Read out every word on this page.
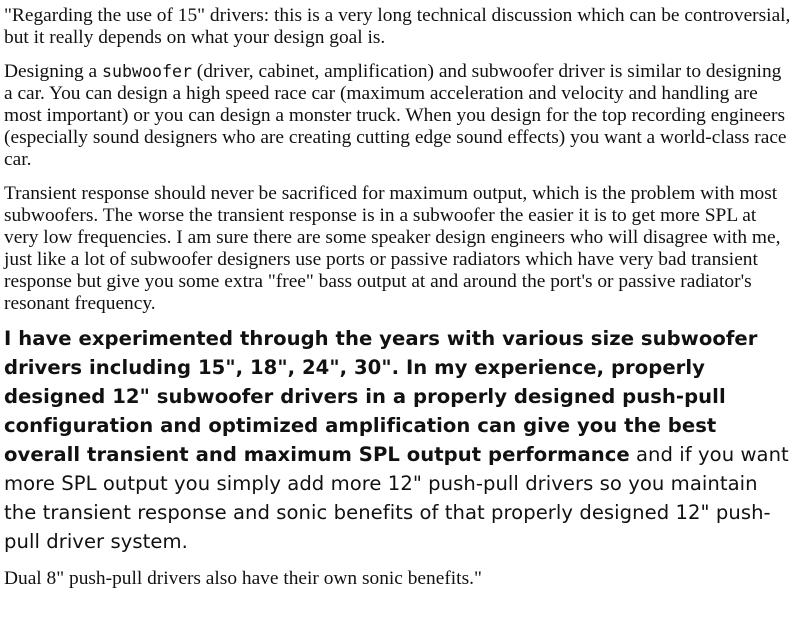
"Regarding the use of 15" drivers: this is a very long technical discussion which can be controversial, but it really depends on what your design goal is.

Designing a subwoofer (driver, cabinet, amplification) and subwoofer driver is similar to designing a car. You can design a high speed race car (maximum acceleration and velocity and handling are most important) or you can design a monster truck. When you design for the top recording engineers (especially sound designers who are creating cutting edge sound effects) you want a world-class race car.

Transient response should never be sacrificed for maximum output, which is the problem with most subwoofers. The worse the transient response is in a subwoofer the easier it is to get more SPL at very low frequencies. I am sure there are some speaker design engineers who will disagree with me, just like a lot of subwoofer designers use ports or passive radiators which have very bad transient response but give you some extra "free" bass output at and around the port's or passive radiator's resonant frequency.

I have experimented through the years with various size subwoofer drivers including 15", 18", 24", 30". In my experience, properly designed 12" subwoofer drivers in a properly designed push-pull configuration and optimized amplification can give you the best overall transient and maximum SPL output performance and if you want more SPL output you simply add more 12" push-pull drivers so you maintain the transient response and sonic benefits of that properly designed 12" push-pull driver system.

Dual 8" push-pull drivers also have their own sonic benefits."
